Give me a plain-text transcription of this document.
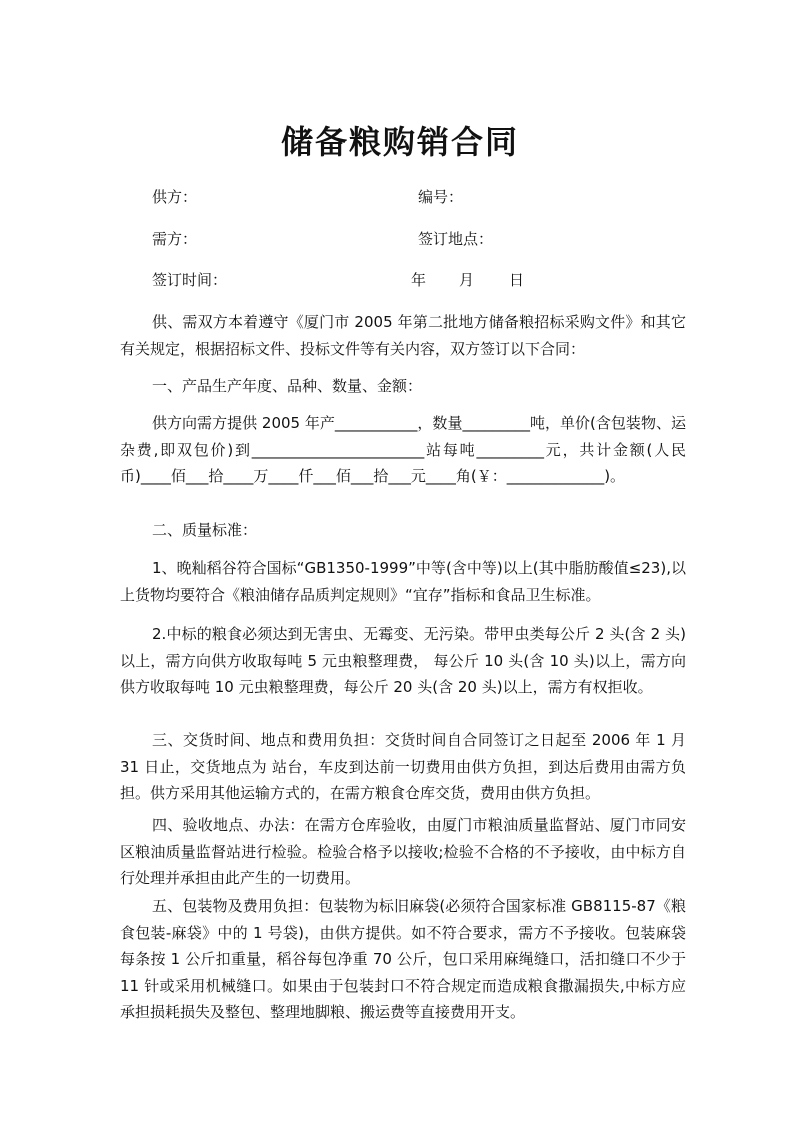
储备粮购销合同
供方：	编号：
需方：	签订地点：
签订时间：	年 月 日
供、需双方本着遵守《厦门市 2005 年第二批地方储备粮招标采购文件》和其它有关规定，根据招标文件、投标文件等有关内容，双方签订以下合同：
一、产品生产年度、品种、数量、金额：
供方向需方提供 2005 年产___________，数量_________吨，单价(含包装物、运杂费,即双包价)到_______________________站每吨_________元，共计金额(人民币)____佰___拾____万____仟___佰___拾___元____角(￥：_____________)。
二、质量标准：
1、晚籼稻谷符合国标“GB1350-1999”中等(含中等)以上(其中脂肪酸值≤23),以上货物均要符合《粮油储存品质判定规则》“宜存”指标和食品卫生标准。
2.中标的粮食必须达到无害虫、无霉变、无污染。带甲虫类每公斤 2 头(含 2 头)以上，需方向供方收取每吨 5 元虫粮整理费， 每公斤 10 头(含 10 头)以上，需方向供方收取每吨 10 元虫粮整理费，每公斤 20 头(含 20 头)以上，需方有权拒收。
三、交货时间、地点和费用负担：交货时间自合同签订之日起至 2006 年 1 月 31 日止，交货地点为 站台，车皮到达前一切费用由供方负担，到达后费用由需方负担。供方采用其他运输方式的，在需方粮食仓库交货，费用由供方负担。
四、验收地点、办法：在需方仓库验收，由厦门市粮油质量监督站、厦门市同安区粮油质量监督站进行检验。检验合格予以接收;检验不合格的不予接收，由中标方自行处理并承担由此产生的一切费用。
五、包装物及费用负担：包装物为标旧麻袋(必须符合国家标准 GB8115-87《粮食包装-麻袋》中的 1 号袋)，由供方提供。如不符合要求，需方不予接收。包装麻袋每条按 1 公斤扣重量，稻谷每包净重 70 公斤，包口采用麻绳缝口，活扣缝口不少于 11 针或采用机械缝口。如果由于包装封口不符合规定而造成粮食撒漏损失,中标方应承担损耗损失及整包、整理地脚粮、搬运费等直接费用开支。
